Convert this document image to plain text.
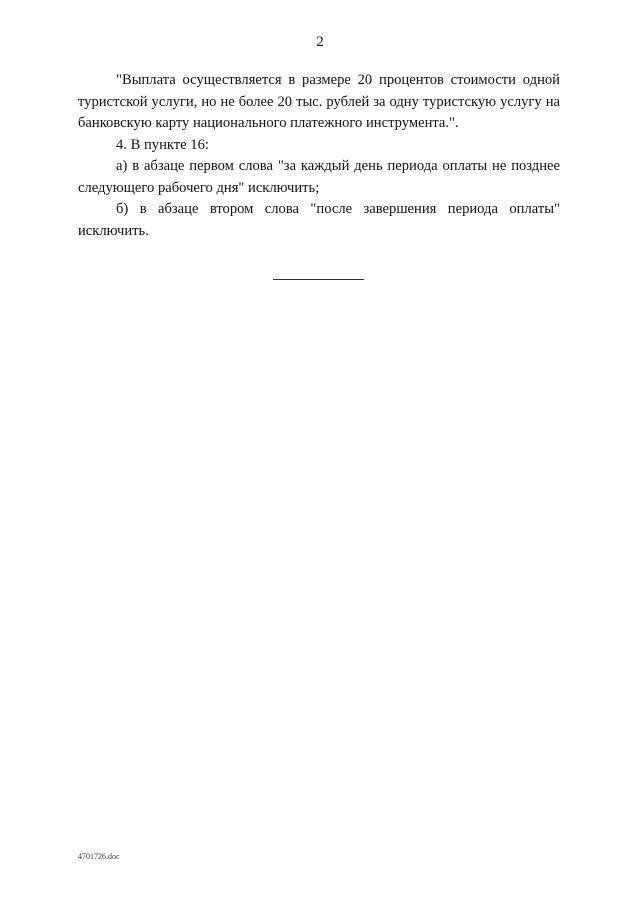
2

"Выплата осуществляется в размере 20 процентов стоимости одной туристской услуги, но не более 20 тыс. рублей за одну туристскую услугу на банковскую карту национального платежного инструмента.".

4. В пункте 16:

а) в абзаце первом слова "за каждый день периода оплаты не позднее следующего рабочего дня" исключить;

б) в абзаце втором слова "после завершения периода оплаты" исключить.

4701726.doc
